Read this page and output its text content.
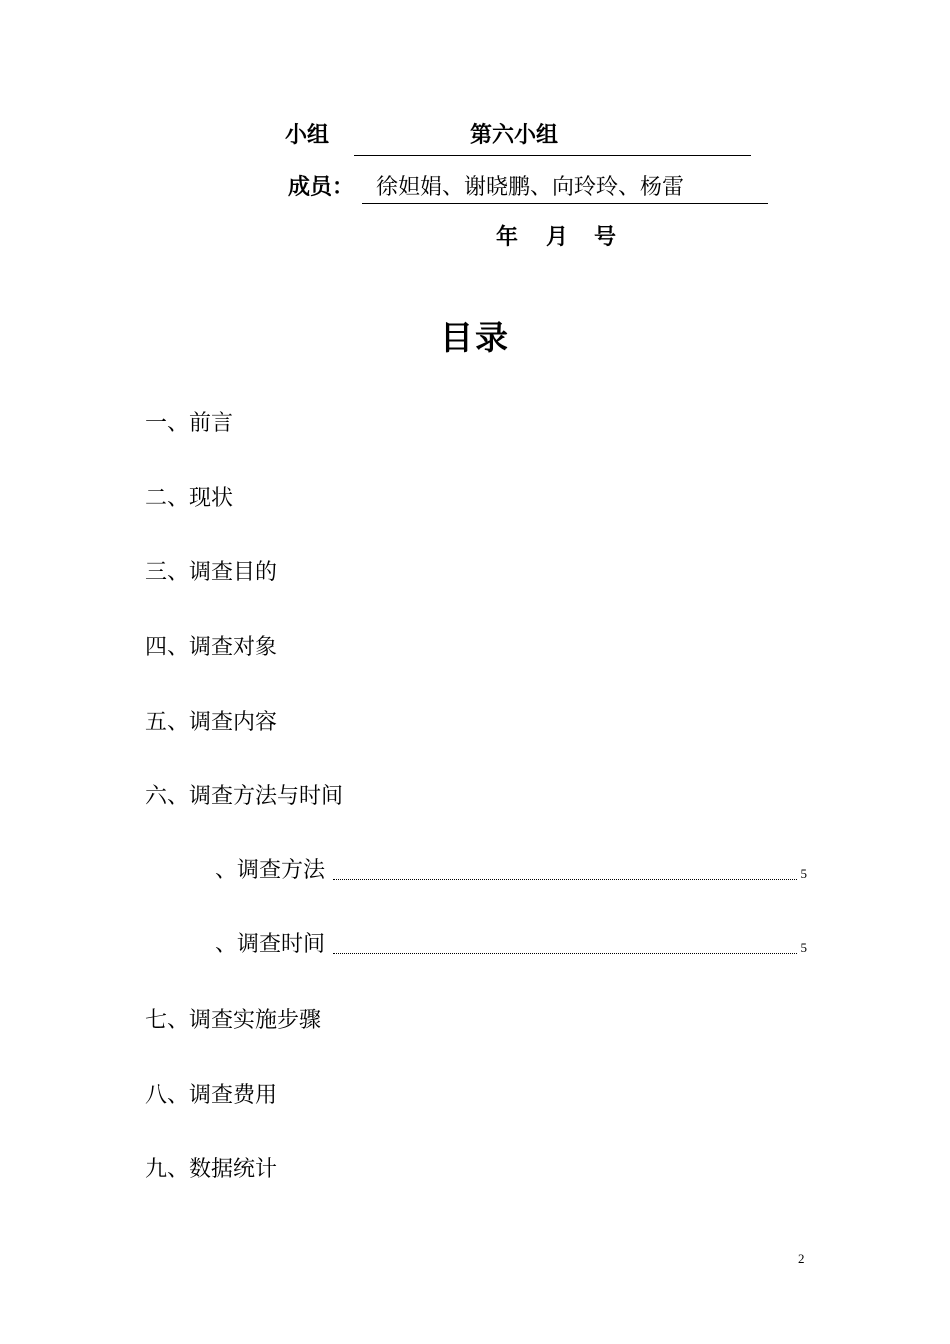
小组	第六小组
成员： 徐妲娟、谢晓鹏、向玲玲、杨雷
年 月 号
目录
一、前言
二、现状
三、调查目的
四、调查对象
五、调查内容
六、调查方法与时间
、调查方法	5
、调查时间	5
七、调查实施步骤
八、调查费用
九、数据统计
2
